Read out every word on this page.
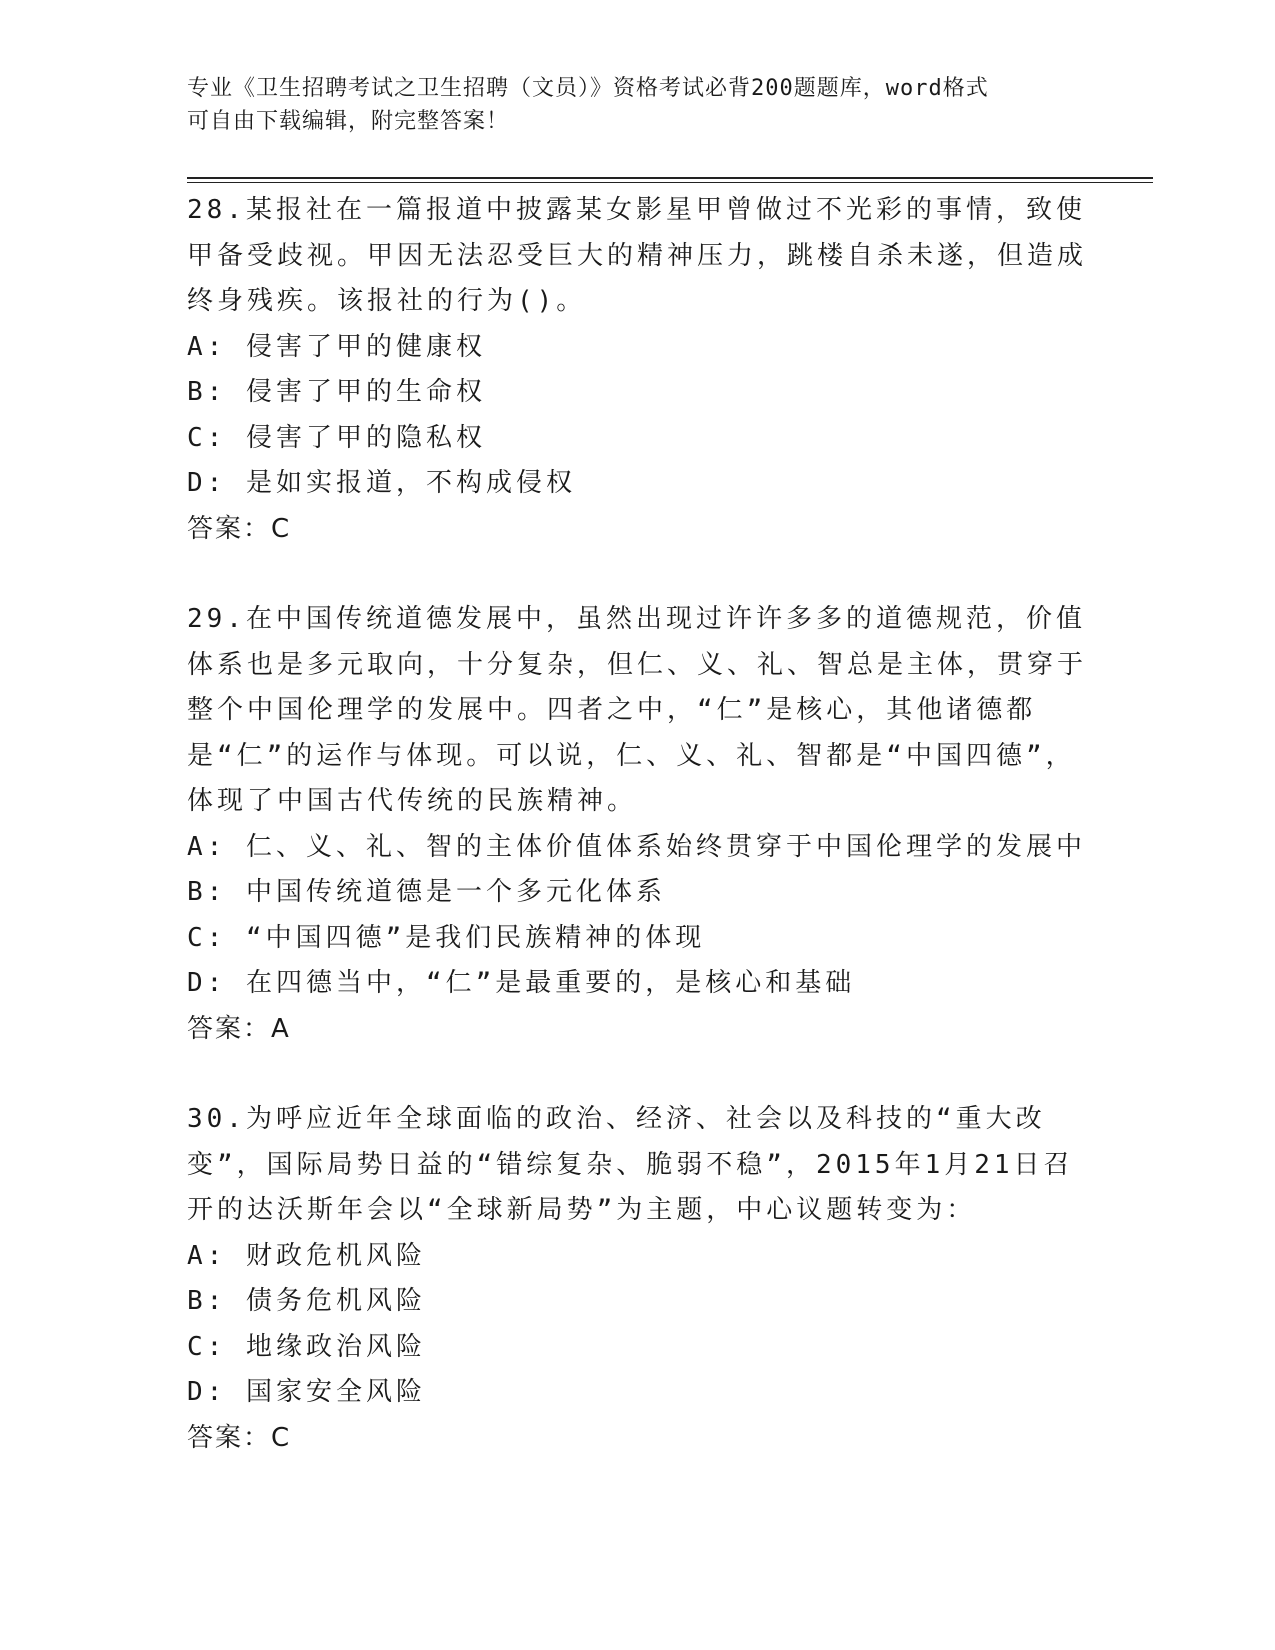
专业《卫生招聘考试之卫生招聘（文员）》资格考试必背200题题库，word格式
可自由下载编辑，附完整答案！

28.某报社在一篇报道中披露某女影星甲曾做过不光彩的事情，致使甲备受歧视。甲因无法忍受巨大的精神压力，跳楼自杀未遂，但造成终身残疾。该报社的行为()。

A: 侵害了甲的健康权

B: 侵害了甲的生命权

C: 侵害了甲的隐私权

D: 是如实报道，不构成侵权

答案：C

29.在中国传统道德发展中，虽然出现过许许多多的道德规范，价值体系也是多元取向，十分复杂，但仁、义、礼、智总是主体，贯穿于整个中国伦理学的发展中。四者之中，“仁”是核心，其他诸德都是“仁”的运作与体现。可以说，仁、义、礼、智都是“中国四德”，体现了中国古代传统的民族精神。

A: 仁、义、礼、智的主体价值体系始终贯穿于中国伦理学的发展中

B: 中国传统道德是一个多元化体系

C: “中国四德”是我们民族精神的体现

D: 在四德当中，“仁”是最重要的，是核心和基础

答案：A

30.为呼应近年全球面临的政治、经济、社会以及科技的“重大改变”，国际局势日益的“错综复杂、脆弱不稳”，2015年1月21日召开的达沃斯年会以“全球新局势”为主题，中心议题转变为：

A: 财政危机风险

B: 债务危机风险

C: 地缘政治风险

D: 国家安全风险

答案：C
